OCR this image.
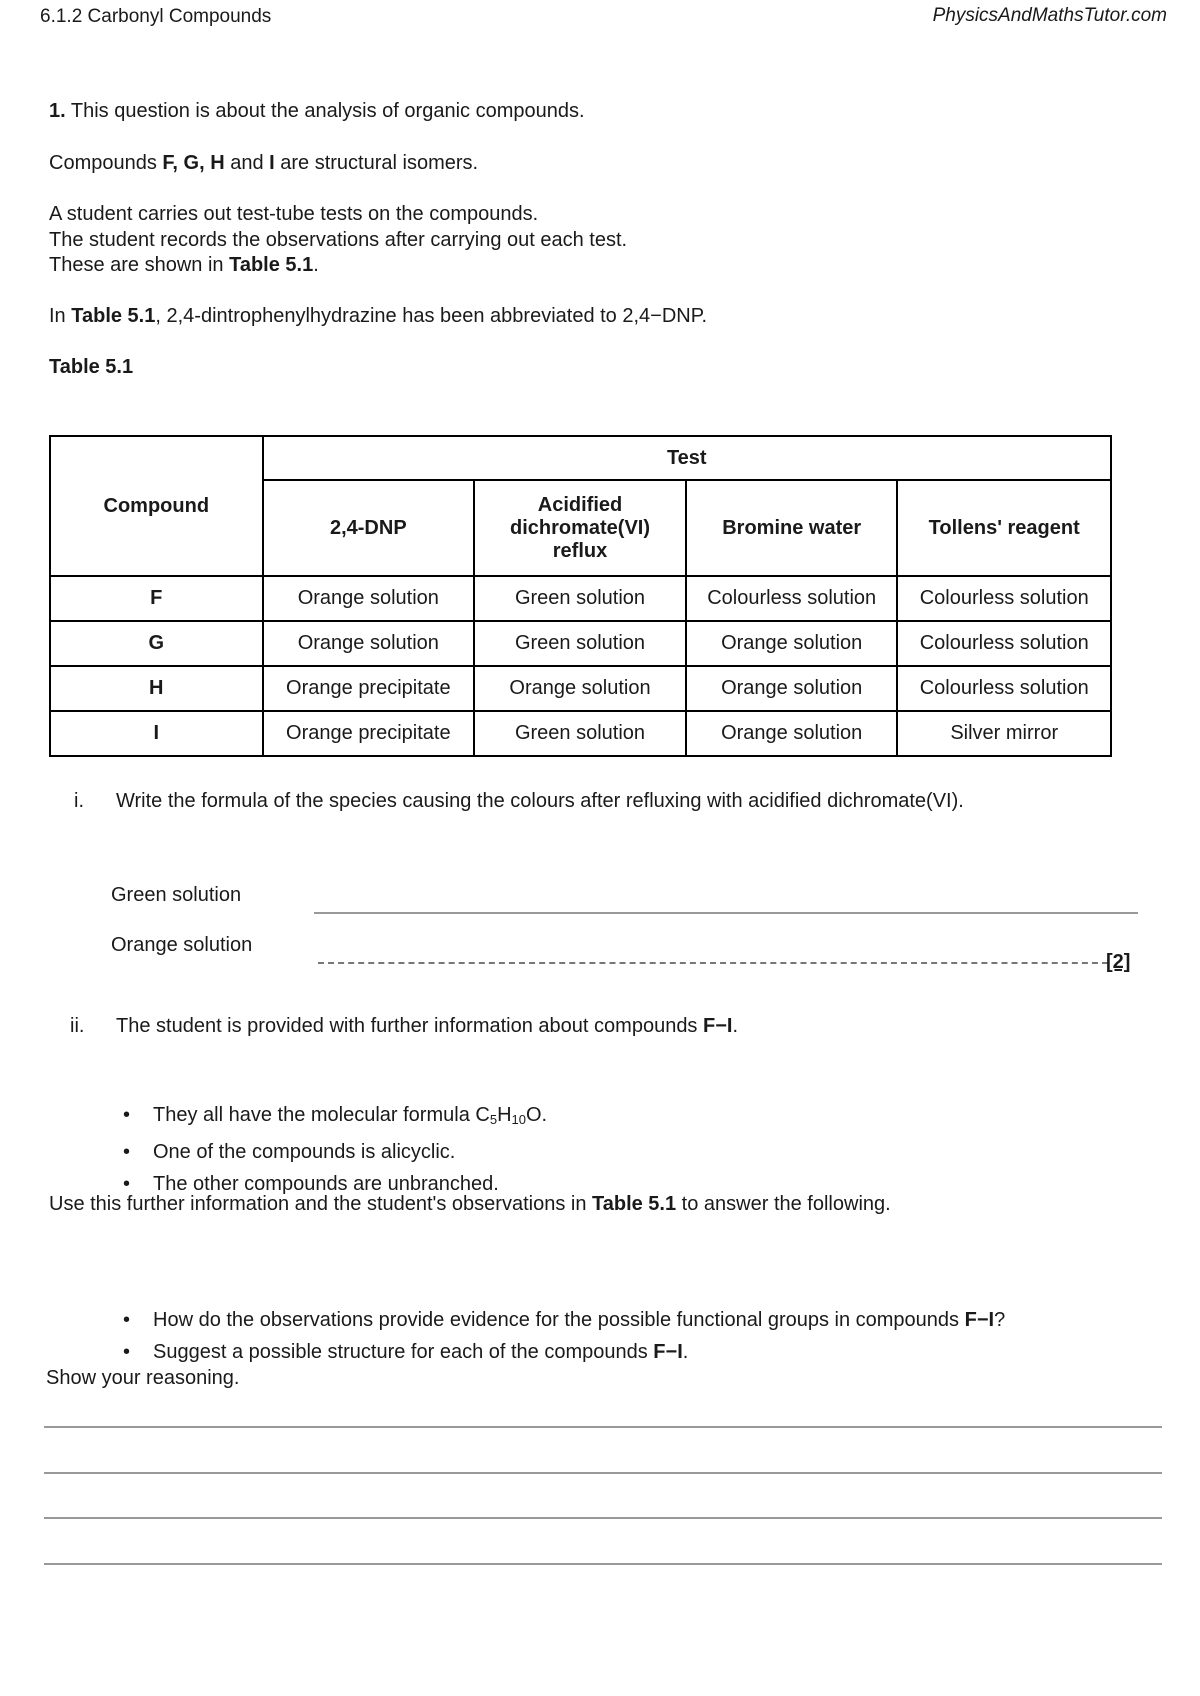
6.1.2 Carbonyl Compounds	PhysicsAndMathsTutor.com

1. This question is about the analysis of organic compounds.

Compounds F, G, H and I are structural isomers.

A student carries out test-tube tests on the compounds.

The student records the observations after carrying out each test.

These are shown in Table 5.1.

In Table 5.1, 2,4-dintrophenylhydrazine has been abbreviated to 2,4−DNP.

Table 5.1

Compound	Test			
	2,4-DNP	Acidified dichromate(VI) reflux	Bromine water	Tollens' reagent
F	Orange solution	Green solution	Colourless solution	Colourless solution
G	Orange solution	Green solution	Orange solution	Colourless solution
H	Orange precipitate	Orange solution	Orange solution	Colourless solution
I	Orange precipitate	Green solution	Orange solution	Silver mirror
i. Write the formula of the species causing the colours after refluxing with acidified dichromate(VI).
Green solution
Orange solution
[2]
ii. The student is provided with further information about compounds F−I.
• They all have the molecular formula $C_5H_{10}O$.
• One of the compounds is alicyclic.
• The other compounds are unbranched.

Use this further information and the student's observations in Table 5.1 to answer the following.

• How do the observations provide evidence for the possible functional groups in compounds F−I?
• Suggest a possible structure for each of the compounds F−I.

Show your reasoning.
